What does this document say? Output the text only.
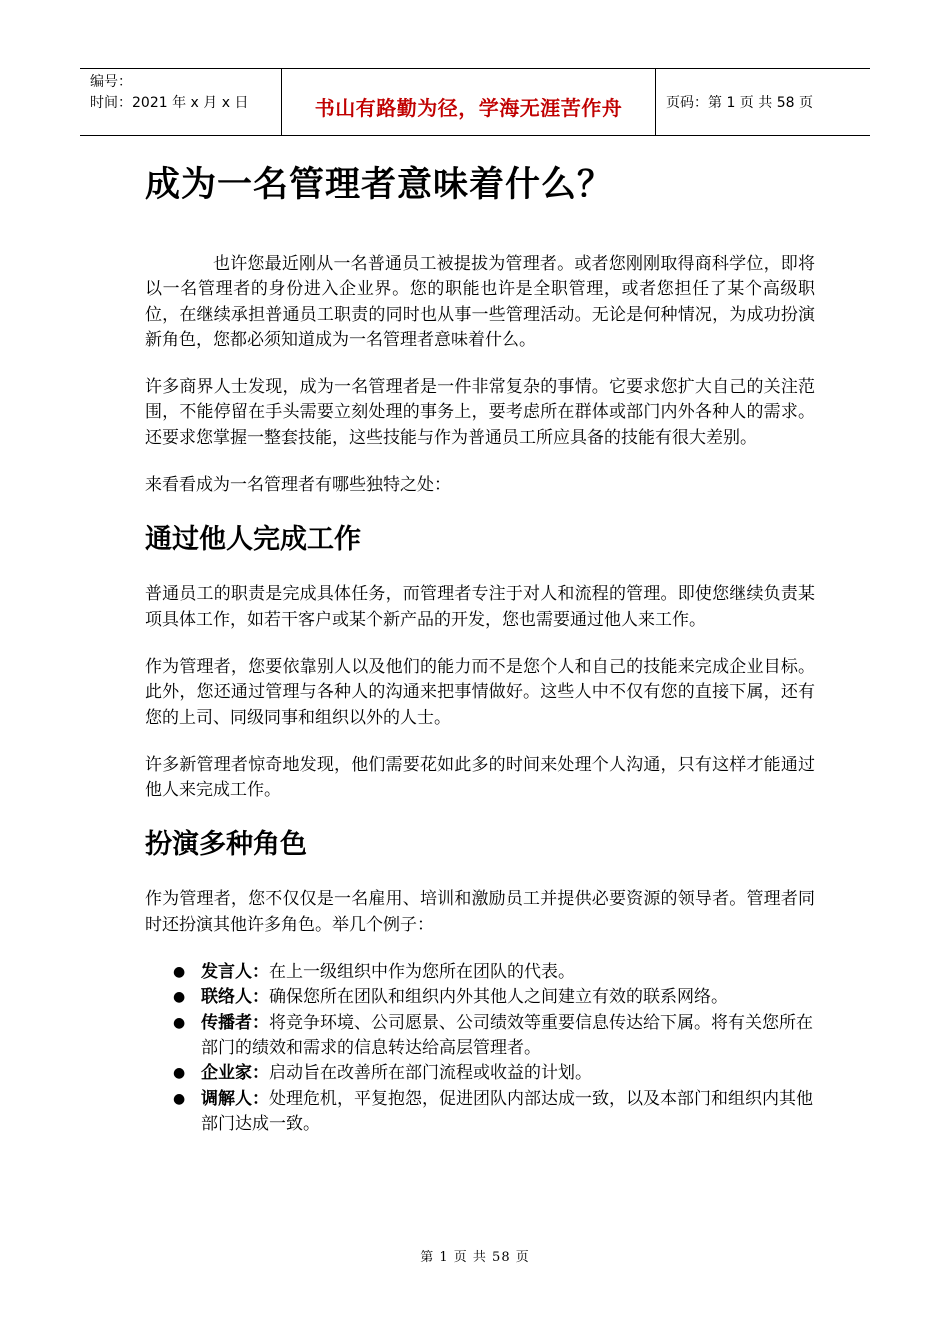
编号：
时间：2021 年 x 月 x 日	书山有路勤为径，学海无涯苦作舟	页码：第 1 页 共 58 页
成为一名管理者意味着什么？

也许您最近刚从一名普通员工被提拔为管理者。或者您刚刚取得商科学位，即将以一名管理者的身份进入企业界。您的职能也许是全职管理，或者您担任了某个高级职位，在继续承担普通员工职责的同时也从事一些管理活动。无论是何种情况，为成功扮演新角色，您都必须知道成为一名管理者意味着什么。

许多商界人士发现，成为一名管理者是一件非常复杂的事情。它要求您扩大自己的关注范围，不能停留在手头需要立刻处理的事务上，要考虑所在群体或部门内外各种人的需求。还要求您掌握一整套技能，这些技能与作为普通员工所应具备的技能有很大差别。

来看看成为一名管理者有哪些独特之处：

通过他人完成工作

普通员工的职责是完成具体任务，而管理者专注于对人和流程的管理。即使您继续负责某项具体工作，如若干客户或某个新产品的开发，您也需要通过他人来工作。

作为管理者，您要依靠别人以及他们的能力而不是您个人和自己的技能来完成企业目标。此外，您还通过管理与各种人的沟通来把事情做好。这些人中不仅有您的直接下属，还有您的上司、同级同事和组织以外的人士。

许多新管理者惊奇地发现，他们需要花如此多的时间来处理个人沟通，只有这样才能通过他人来完成工作。

扮演多种角色

作为管理者，您不仅仅是一名雇用、培训和激励员工并提供必要资源的领导者。管理者同时还扮演其他许多角色。举几个例子：

● 发言人：在上一级组织中作为您所在团队的代表。
● 联络人：确保您所在团队和组织内外其他人之间建立有效的联系网络。
● 传播者：将竞争环境、公司愿景、公司绩效等重要信息传达给下属。将有关您所在部门的绩效和需求的信息转达给高层管理者。
● 企业家：启动旨在改善所在部门流程或收益的计划。
● 调解人：处理危机，平复抱怨，促进团队内部达成一致，以及本部门和组织内其他部门达成一致。
第 1 页 共 58 页
